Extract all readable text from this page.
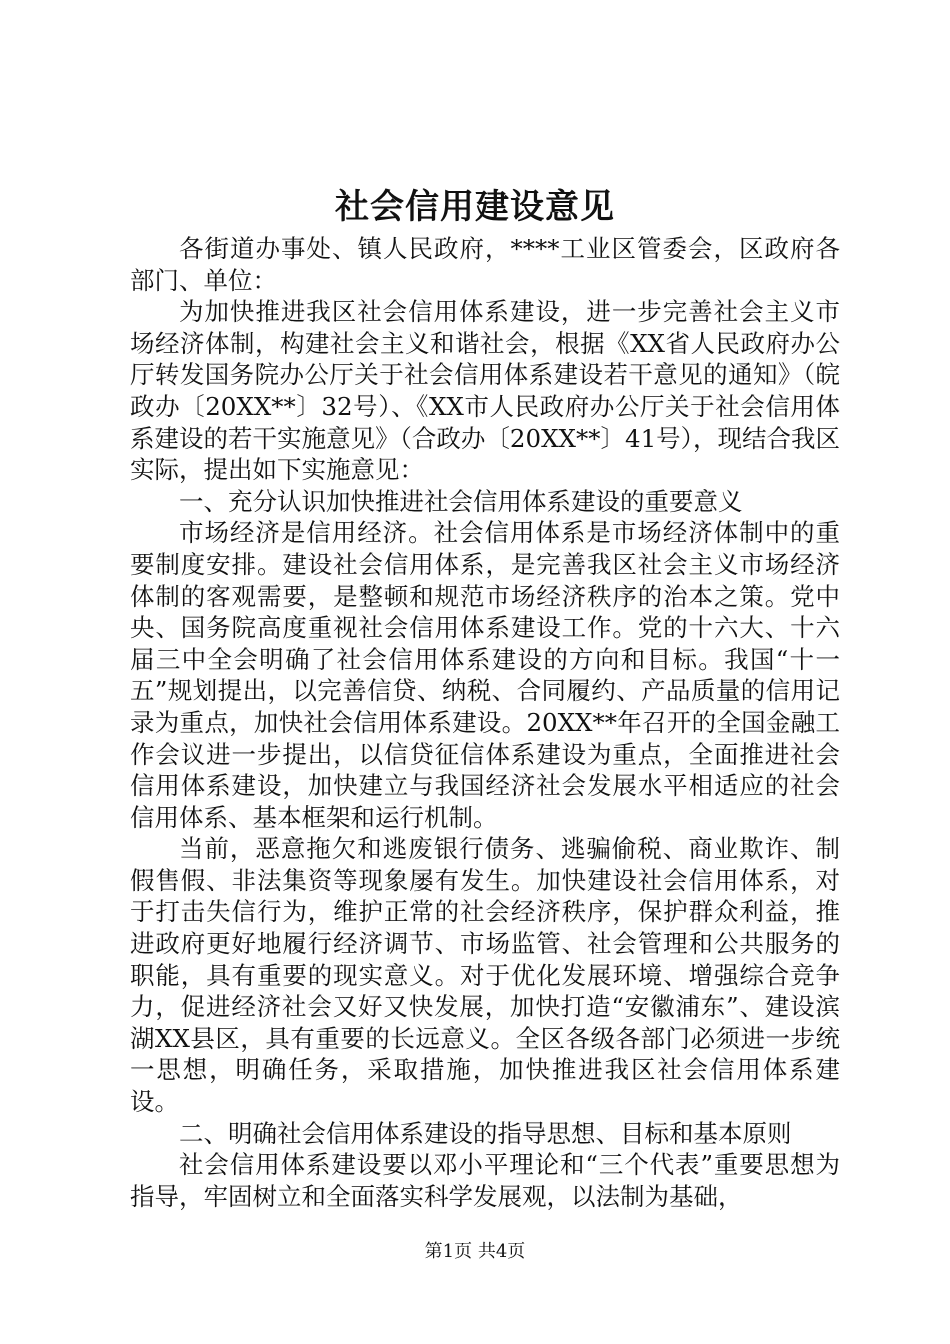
社会信用建设意见

各街道办事处、镇人民政府，****工业区管委会，区政府各部门、单位：

为加快推进我区社会信用体系建设，进一步完善社会主义市场经济体制，构建社会主义和谐社会，根据《XX省人民政府办公厅转发国务院办公厅关于社会信用体系建设若干意见的通知》（皖政办〔20XX**〕32号）、《XX市人民政府办公厅关于社会信用体系建设的若干实施意见》（合政办〔20XX**〕41号），现结合我区实际，提出如下实施意见：

一、充分认识加快推进社会信用体系建设的重要意义

市场经济是信用经济。社会信用体系是市场经济体制中的重要制度安排。建设社会信用体系，是完善我区社会主义市场经济体制的客观需要，是整顿和规范市场经济秩序的治本之策。党中央、国务院高度重视社会信用体系建设工作。党的十六大、十六届三中全会明确了社会信用体系建设的方向和目标。我国“十一五”规划提出，以完善信贷、纳税、合同履约、产品质量的信用记录为重点，加快社会信用体系建设。20XX**年召开的全国金融工作会议进一步提出，以信贷征信体系建设为重点，全面推进社会信用体系建设，加快建立与我国经济社会发展水平相适应的社会信用体系、基本框架和运行机制。

当前，恶意拖欠和逃废银行债务、逃骗偷税、商业欺诈、制假售假、非法集资等现象屡有发生。加快建设社会信用体系，对于打击失信行为，维护正常的社会经济秩序，保护群众利益，推进政府更好地履行经济调节、市场监管、社会管理和公共服务的职能，具有重要的现实意义。对于优化发展环境、增强综合竞争力，促进经济社会又好又快发展，加快打造“安徽浦东”、建设滨湖XX县区，具有重要的长远意义。全区各级各部门必须进一步统一思想，明确任务，采取措施，加快推进我区社会信用体系建设。

二、明确社会信用体系建设的指导思想、目标和基本原则

社会信用体系建设要以邓小平理论和“三个代表”重要思想为指导，牢固树立和全面落实科学发展观，以法制为基础，

第1页 共4页
